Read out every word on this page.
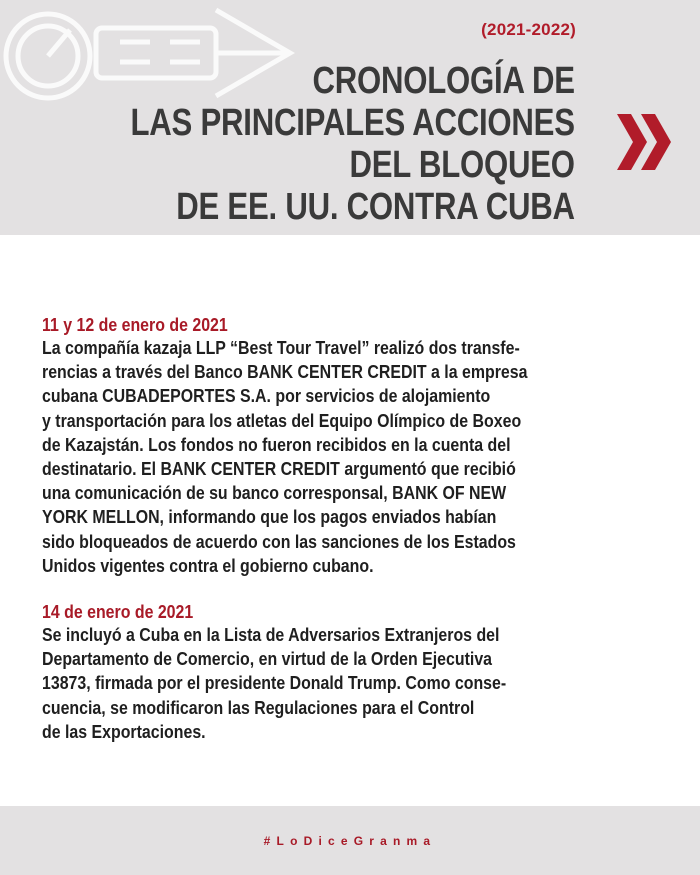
(2021-2022)
CRONOLOGÍA DE
LAS PRINCIPALES ACCIONES
DEL BLOQUEO
DE EE. UU. CONTRA CUBA
11 y 12 de enero de 2021
La compañía kazaja LLP “Best Tour Travel” realizó dos transfe-
rencias a través del Banco BANK CENTER CREDIT a la empresa
cubana CUBADEPORTES S.A. por servicios de alojamiento
y transportación para los atletas del Equipo Olímpico de Boxeo
de Kazajstán. Los fondos no fueron recibidos en la cuenta del
destinatario. El BANK CENTER CREDIT argumentó que recibió
una comunicación de su banco corresponsal, BANK OF NEW
YORK MELLON, informando que los pagos enviados habían
sido bloqueados de acuerdo con las sanciones de los Estados
Unidos vigentes contra el gobierno cubano.
14 de enero de 2021
Se incluyó a Cuba en la Lista de Adversarios Extranjeros del
Departamento de Comercio, en virtud de la Orden Ejecutiva
13873, firmada por el presidente Donald Trump. Como conse-
cuencia, se modificaron las Regulaciones para el Control
de las Exportaciones.
#LoDiceGranma
